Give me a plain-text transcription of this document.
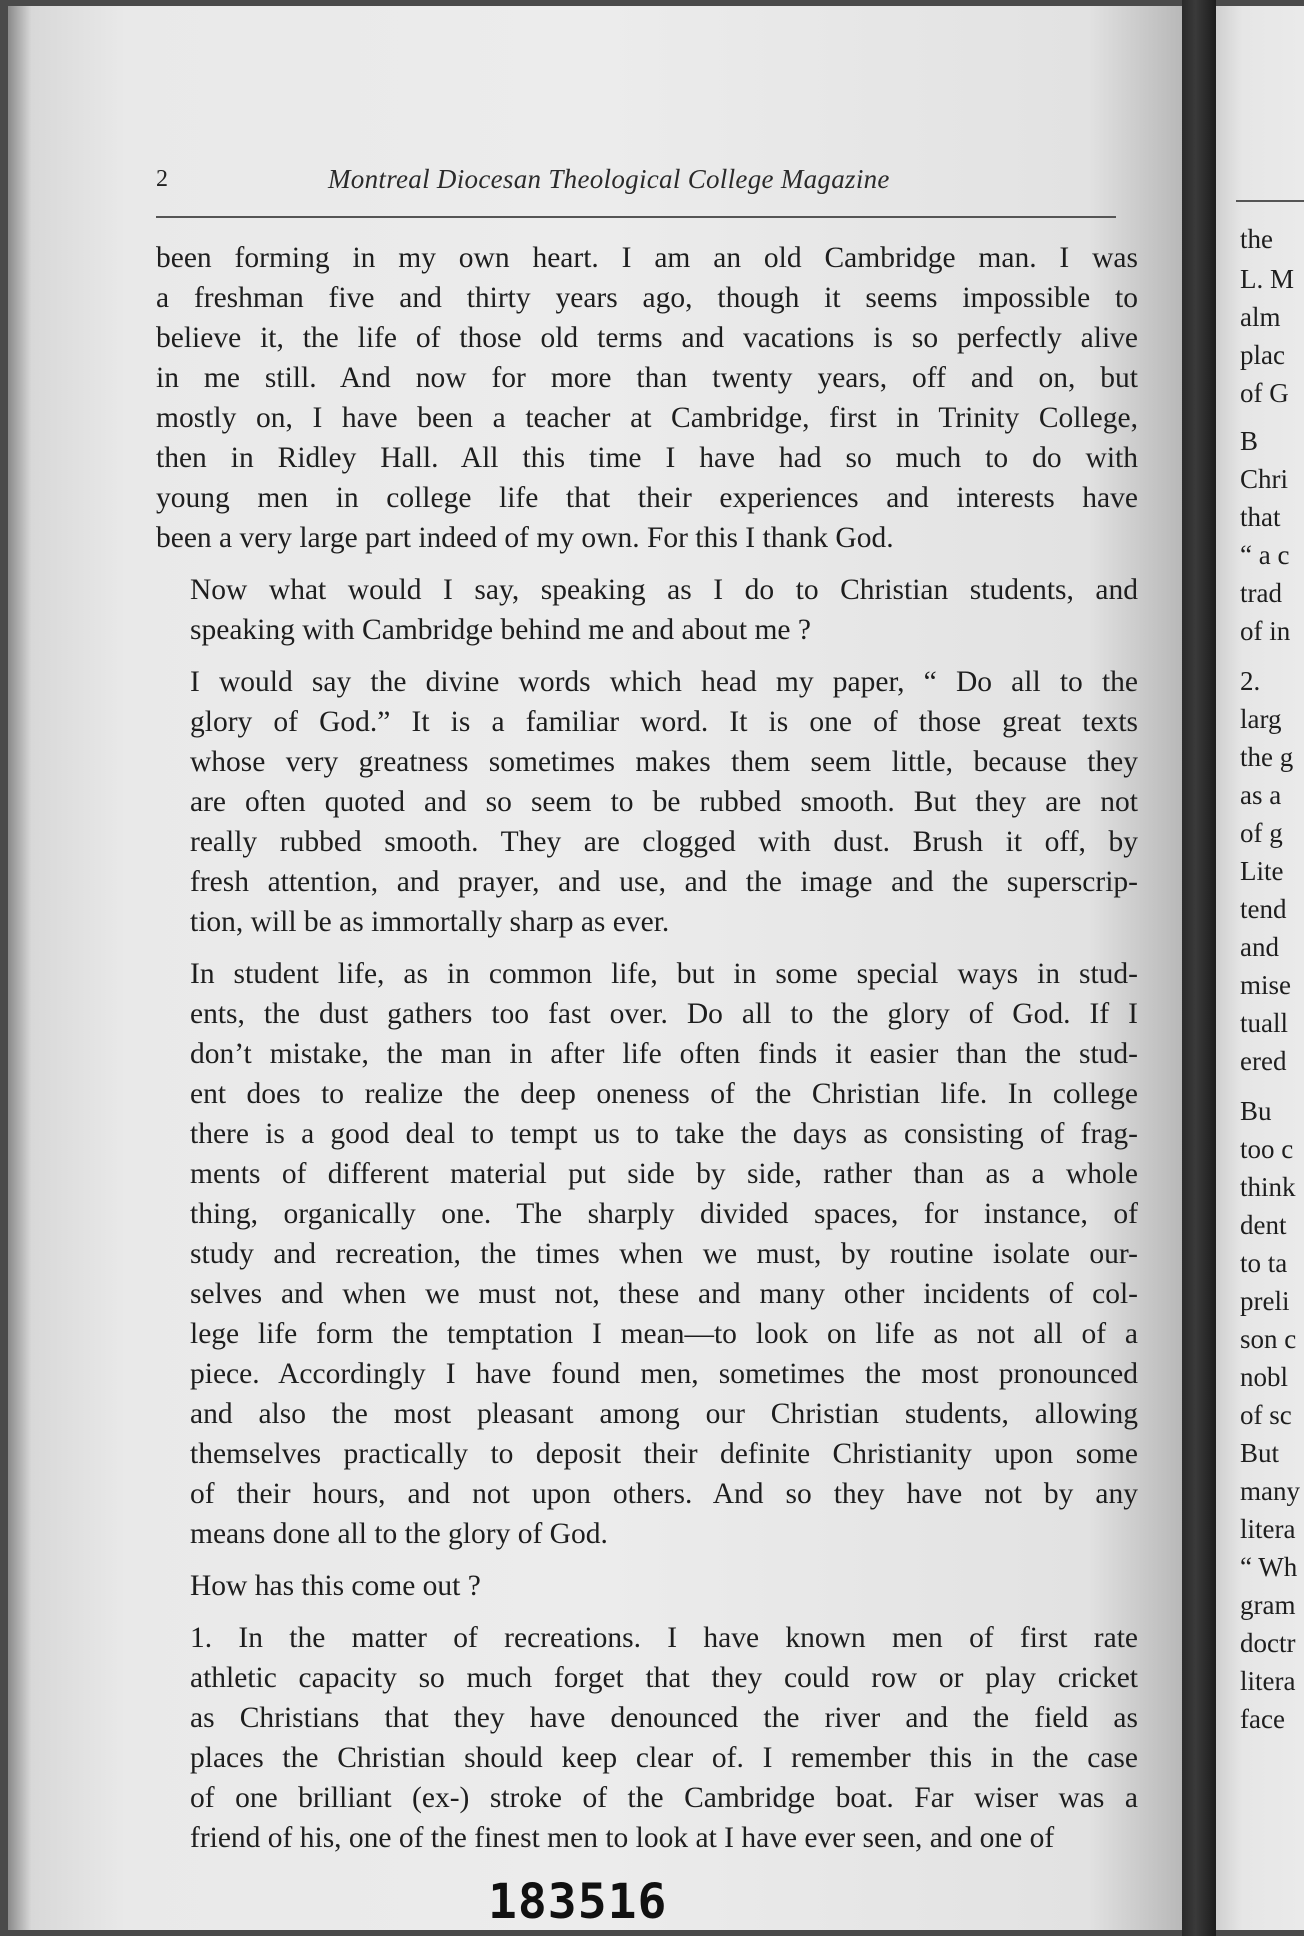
2	Montreal Diocesan Theological College Magazine

been forming in my own heart. I am an old Cambridge man. I was
a freshman five and thirty years ago, though it seems impossible to
believe it, the life of those old terms and vacations is so perfectly alive
in me still. And now for more than twenty years, off and on, but
mostly on, I have been a teacher at Cambridge, first in Trinity College,
then in Ridley Hall. All this time I have had so much to do with
young men in college life that their experiences and interests have
been a very large part indeed of my own. For this I thank God.

Now what would I say, speaking as I do to Christian students, and
speaking with Cambridge behind me and about me ?

I would say the divine words which head my paper, “ Do all to the
glory of God.” It is a familiar word. It is one of those great texts
whose very greatness sometimes makes them seem little, because they
are often quoted and so seem to be rubbed smooth. But they are not
really rubbed smooth. They are clogged with dust. Brush it off, by
fresh attention, and prayer, and use, and the image and the superscrip-
tion, will be as immortally sharp as ever.

In student life, as in common life, but in some special ways in stud-
ents, the dust gathers too fast over. Do all to the glory of God. If I
don’t mistake, the man in after life often finds it easier than the stud-
ent does to realize the deep oneness of the Christian life. In college
there is a good deal to tempt us to take the days as consisting of frag-
ments of different material put side by side, rather than as a whole
thing, organically one. The sharply divided spaces, for instance, of
study and recreation, the times when we must, by routine isolate our-
selves and when we must not, these and many other incidents of col-
lege life form the temptation I mean—to look on life as not all of a
piece. Accordingly I have found men, sometimes the most pronounced
and also the most pleasant among our Christian students, allowing
themselves practically to deposit their definite Christianity upon some
of their hours, and not upon others. And so they have not by any
means done all to the glory of God.

How has this come out ?

1. In the matter of recreations. I have known men of first rate
athletic capacity so much forget that they could row or play cricket
as Christians that they have denounced the river and the field as
places the Christian should keep clear of. I remember this in the case
of one brilliant (ex-) stroke of the Cambridge boat. Far wiser was a
friend of his, one of the finest men to look at I have ever seen, and one of

183516
the
L. M
alm
plac
of G
B
Chri
that
“ a c
trad
of in
2.
larg
the g
as a
of g
Lite
tend
and
mise
tuall
ered
Bu
too c
think
dent
to ta
preli
son c
nobl
of sc
But
many
litera
“ Wh
gram
doctr
litera
face
